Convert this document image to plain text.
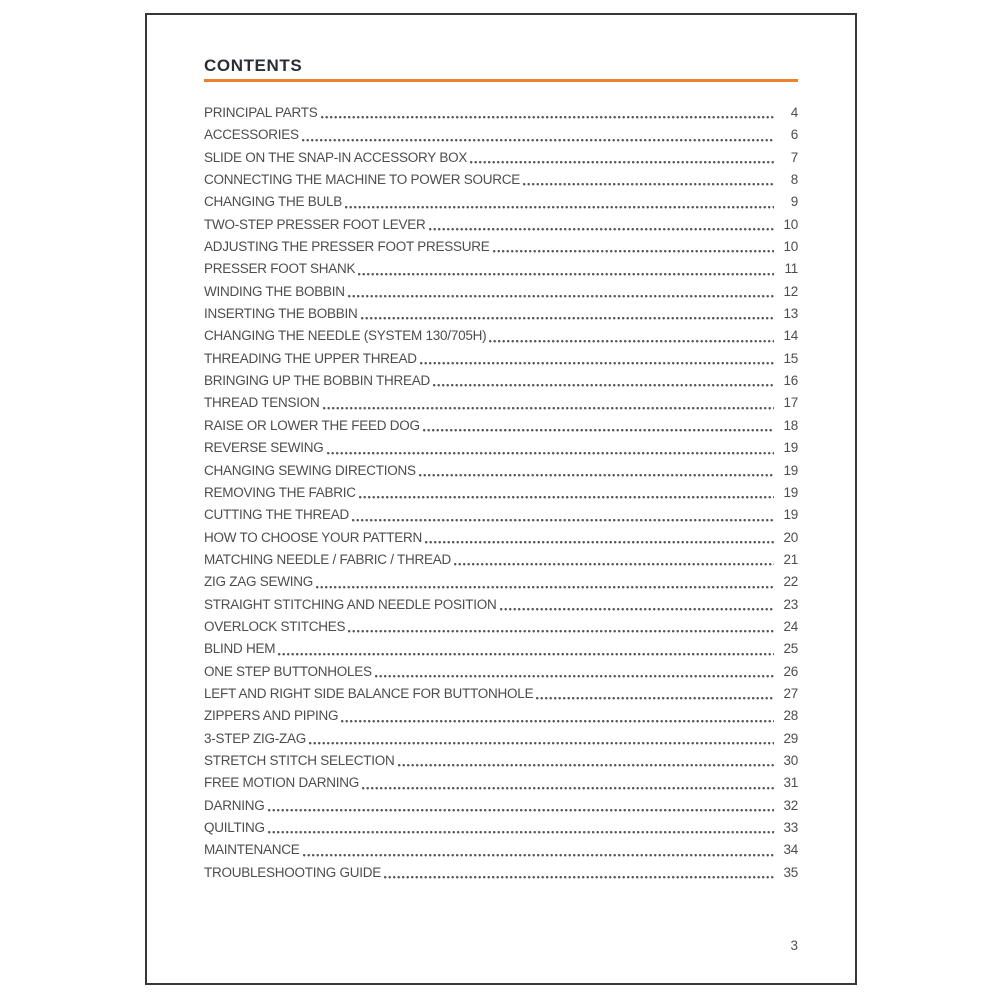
CONTENTS
PRINCIPAL PARTS	4
ACCESSORIES	6
SLIDE ON THE SNAP-IN ACCESSORY BOX	7
CONNECTING THE MACHINE TO POWER SOURCE	8
CHANGING THE BULB	9
TWO-STEP PRESSER FOOT LEVER	10
ADJUSTING THE PRESSER FOOT PRESSURE	10
PRESSER FOOT SHANK	11
WINDING THE BOBBIN	12
INSERTING THE BOBBIN	13
CHANGING THE NEEDLE (SYSTEM 130/705H)	14
THREADING THE UPPER THREAD	15
BRINGING UP THE BOBBIN THREAD	16
THREAD TENSION	17
RAISE OR LOWER THE FEED DOG	18
REVERSE SEWING	19
CHANGING SEWING DIRECTIONS	19
REMOVING THE FABRIC	19
CUTTING THE THREAD	19
HOW TO CHOOSE YOUR PATTERN	20
MATCHING NEEDLE / FABRIC / THREAD	21
ZIG ZAG SEWING	22
STRAIGHT STITCHING AND NEEDLE POSITION	23
OVERLOCK STITCHES	24
BLIND HEM	25
ONE STEP BUTTONHOLES	26
LEFT AND RIGHT SIDE BALANCE FOR BUTTONHOLE	27
ZIPPERS AND PIPING	28
3-STEP ZIG-ZAG	29
STRETCH STITCH SELECTION	30
FREE MOTION DARNING	31
DARNING	32
QUILTING	33
MAINTENANCE	34
TROUBLESHOOTING GUIDE	35
3
